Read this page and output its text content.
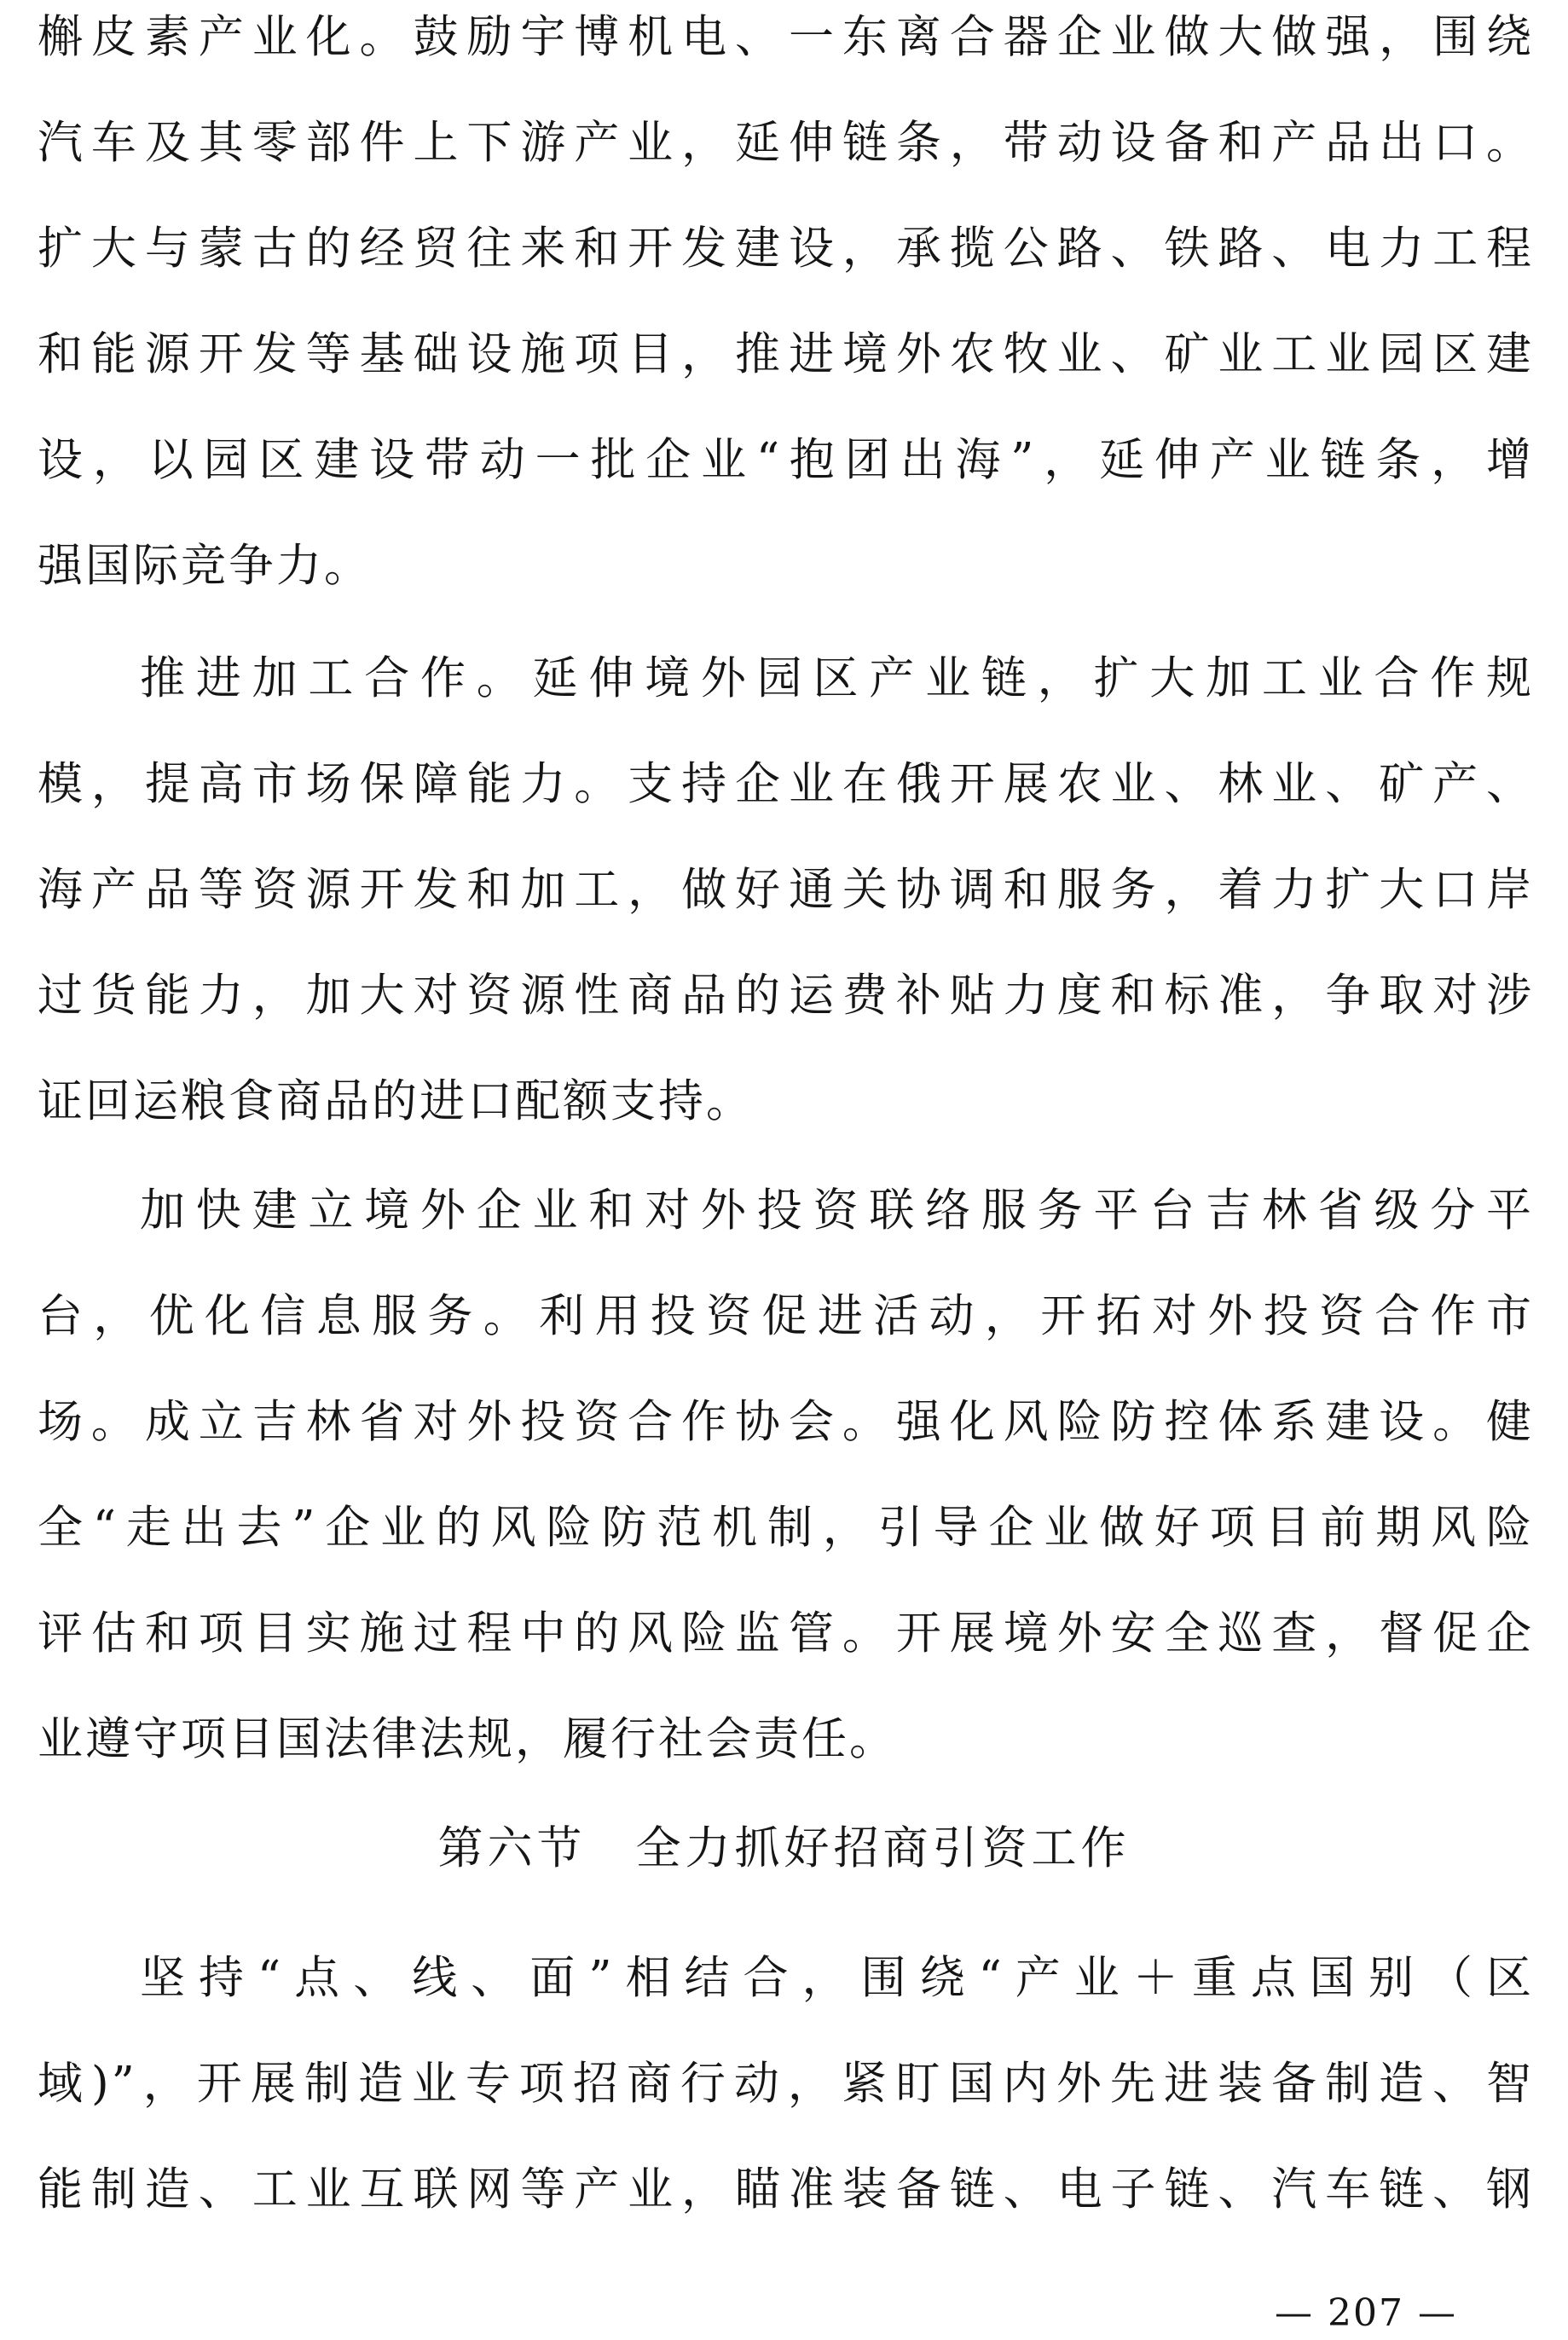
槲皮素产业化。鼓励宇博机电、一东离合器企业做大做强，围绕
汽车及其零部件上下游产业，延伸链条，带动设备和产品出口。
扩大与蒙古的经贸往来和开发建设，承揽公路、铁路、电力工程
和能源开发等基础设施项目，推进境外农牧业、矿业工业园区建
设，以园区建设带动一批企业“抱团出海”，延伸产业链条，增
强国际竞争力。
推进加工合作。延伸境外园区产业链，扩大加工业合作规
模，提高市场保障能力。支持企业在俄开展农业、林业、矿产、
海产品等资源开发和加工，做好通关协调和服务，着力扩大口岸
过货能力，加大对资源性商品的运费补贴力度和标准，争取对涉
证回运粮食商品的进口配额支持。
加快建立境外企业和对外投资联络服务平台吉林省级分平
台，优化信息服务。利用投资促进活动，开拓对外投资合作市
场。成立吉林省对外投资合作协会。强化风险防控体系建设。健
全“走出去”企业的风险防范机制，引导企业做好项目前期风险
评估和项目实施过程中的风险监管。开展境外安全巡查，督促企
业遵守项目国法律法规，履行社会责任。
第六节　全力抓好招商引资工作
坚持“点、线、面”相结合，围绕“产业＋重点国别（区
域)”，开展制造业专项招商行动，紧盯国内外先进装备制造、智
能制造、工业互联网等产业，瞄准装备链、电子链、汽车链、钢
— 207 —
